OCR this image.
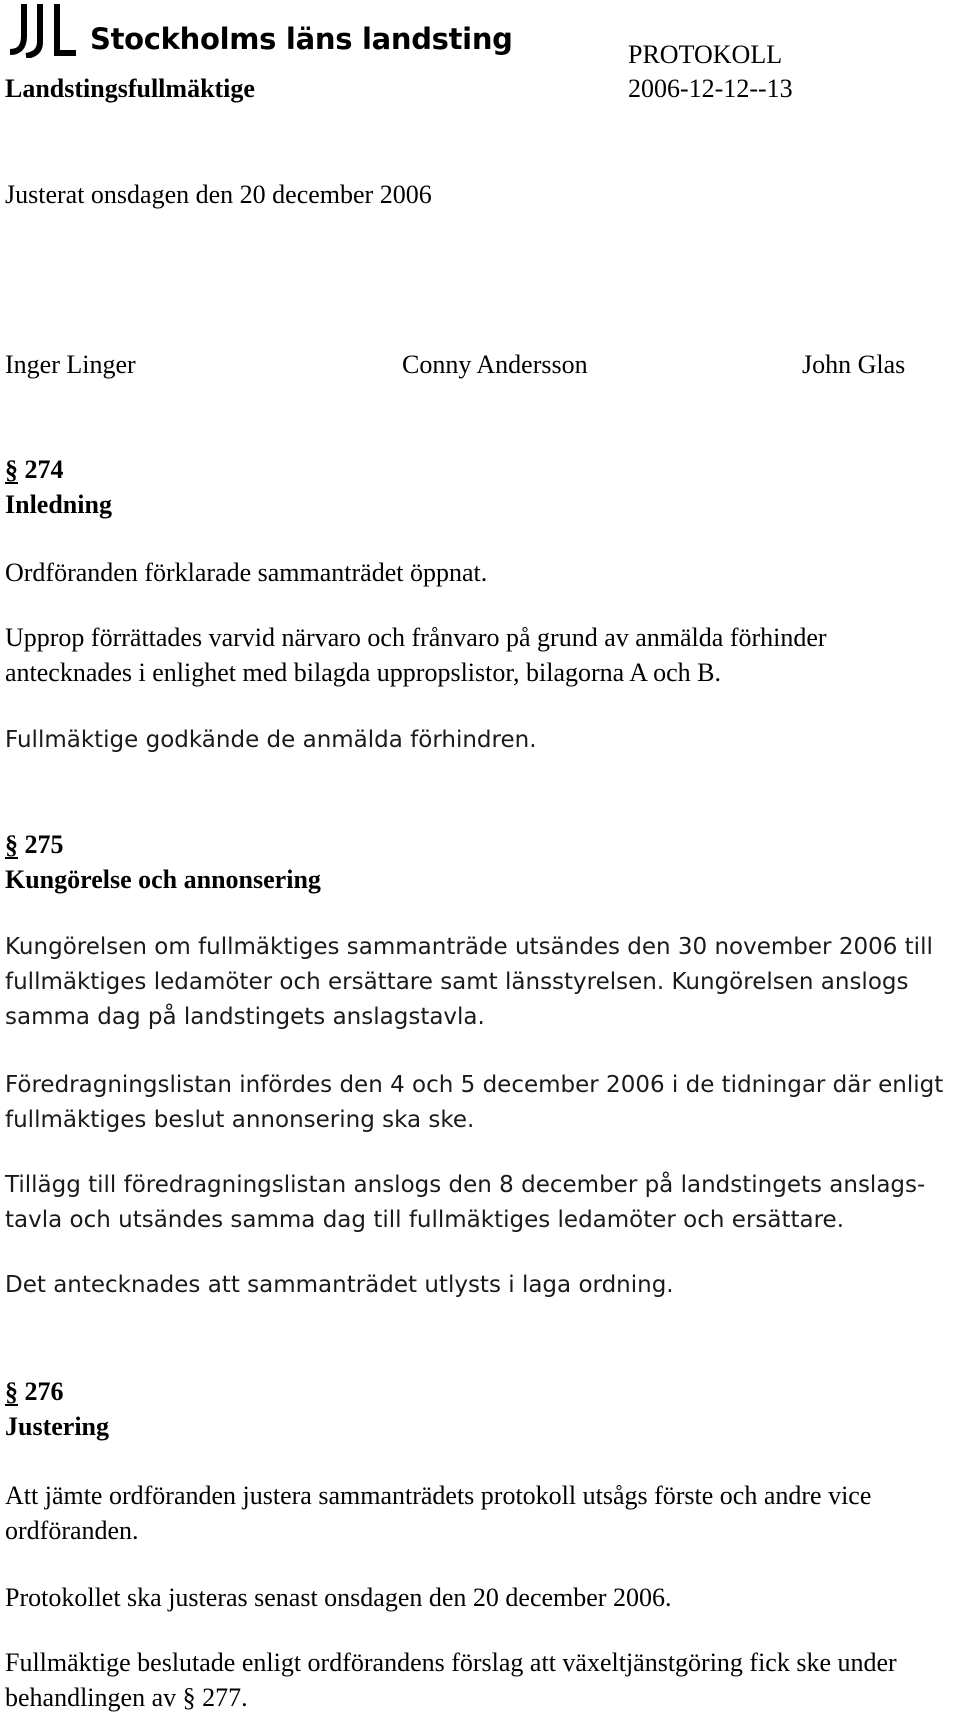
Stockholms läns landsting	PROTOKOLL
Landstingsfullmäktige	2006-12-12--13
Justerat onsdagen den 20 december 2006
Inger Linger	Conny Andersson	John Glas
§ 274
Inledning
Ordföranden förklarade sammanträdet öppnat.
Upprop förrättades varvid närvaro och frånvaro på grund av anmälda förhinder antecknades i enlighet med bilagda uppropslistor, bilagorna A och B.
Fullmäktige godkände de anmälda förhindren.
§ 275
Kungörelse och annonsering
Kungörelsen om fullmäktiges sammanträde utsändes den 30 november 2006 till fullmäktiges ledamöter och ersättare samt länsstyrelsen. Kungörelsen anslogs samma dag på landstingets anslagstavla.
Föredragningslistan infördes den 4 och 5 december 2006 i de tidningar där enligt fullmäktiges beslut annonsering ska ske.
Tillägg till föredragningslistan anslogs den 8 december på landstingets anslags-tavla och utsändes samma dag till fullmäktiges ledamöter och ersättare.
Det antecknades att sammanträdet utlysts i laga ordning.
§ 276
Justering
Att jämte ordföranden justera sammanträdets protokoll utsågs förste och andre vice ordföranden.
Protokollet ska justeras senast onsdagen den 20 december 2006.
Fullmäktige beslutade enligt ordförandens förslag att växeltjänstgöring fick ske under behandlingen av § 277.
